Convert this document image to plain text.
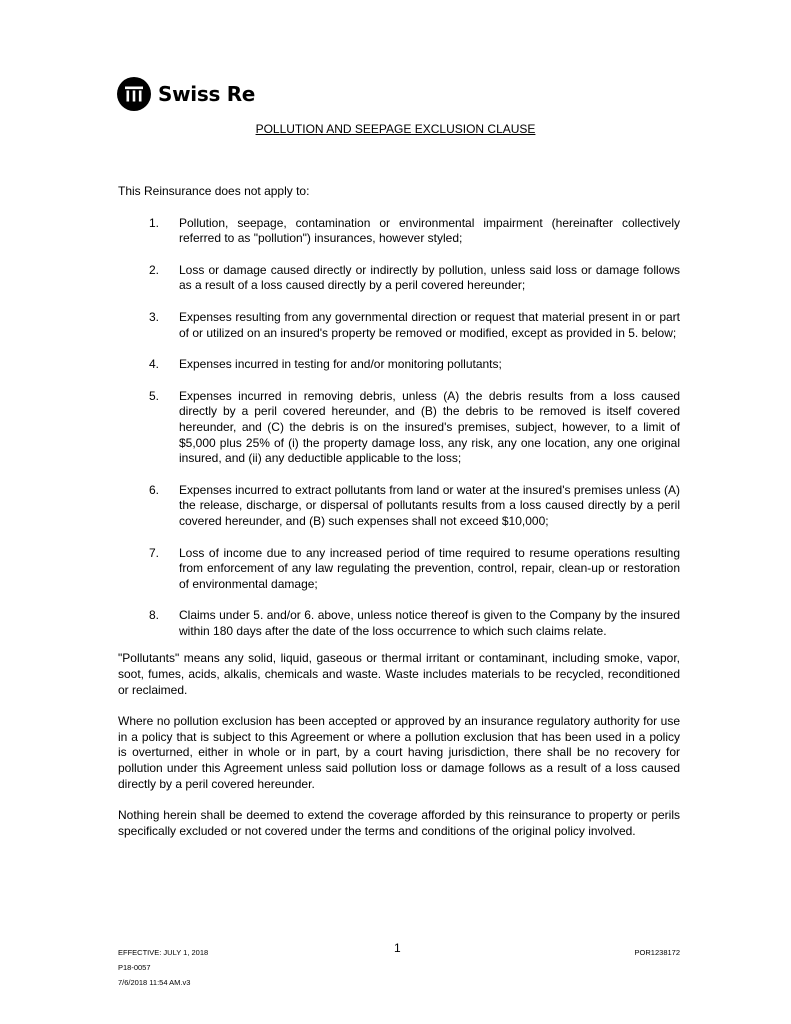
Swiss Re
POLLUTION AND SEEPAGE EXCLUSION CLAUSE

This Reinsurance does not apply to:

1. Pollution, seepage, contamination or environmental impairment (hereinafter collectively referred to as "pollution") insurances, however styled;
2. Loss or damage caused directly or indirectly by pollution, unless said loss or damage follows as a result of a loss caused directly by a peril covered hereunder;
3. Expenses resulting from any governmental direction or request that material present in or part of or utilized on an insured's property be removed or modified, except as provided in 5. below;
4. Expenses incurred in testing for and/or monitoring pollutants;
5. Expenses incurred in removing debris, unless (A) the debris results from a loss caused directly by a peril covered hereunder, and (B) the debris to be removed is itself covered hereunder, and (C) the debris is on the insured's premises, subject, however, to a limit of $5,000 plus 25% of (i) the property damage loss, any risk, any one location, any one original insured, and (ii) any deductible applicable to the loss;
6. Expenses incurred to extract pollutants from land or water at the insured's premises unless (A) the release, discharge, or dispersal of pollutants results from a loss caused directly by a peril covered hereunder, and (B) such expenses shall not exceed $10,000;
7. Loss of income due to any increased period of time required to resume operations resulting from enforcement of any law regulating the prevention, control, repair, clean-up or restoration of environmental damage;
8. Claims under 5. and/or 6. above, unless notice thereof is given to the Company by the insured within 180 days after the date of the loss occurrence to which such claims relate.

"Pollutants" means any solid, liquid, gaseous or thermal irritant or contaminant, including smoke, vapor, soot, fumes, acids, alkalis, chemicals and waste. Waste includes materials to be recycled, reconditioned or reclaimed.

Where no pollution exclusion has been accepted or approved by an insurance regulatory authority for use in a policy that is subject to this Agreement or where a pollution exclusion that has been used in a policy is overturned, either in whole or in part, by a court having jurisdiction, there shall be no recovery for pollution under this Agreement unless said pollution loss or damage follows as a result of a loss caused directly by a peril covered hereunder.

Nothing herein shall be deemed to extend the coverage afforded by this reinsurance to property or perils specifically excluded or not covered under the terms and conditions of the original policy involved.

EFFECTIVE: JULY 1, 2018
P18-0057
7/6/2018 11:54 AM.v3
1	POR1238172
